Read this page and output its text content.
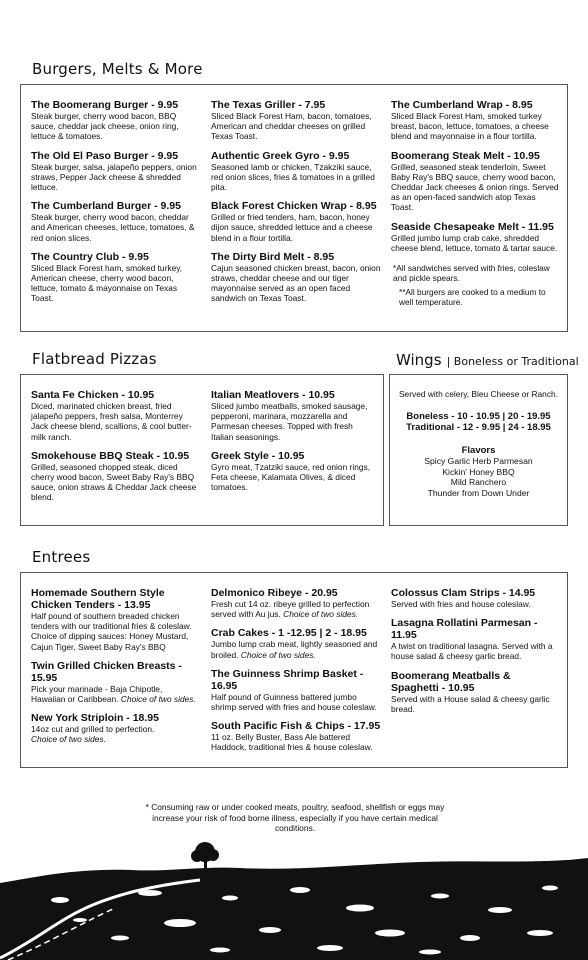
Burgers, Melts & More

The Boomerang Burger - 9.95

Steak burger, cherry wood bacon, BBQ sauce, cheddar jack cheese, onion ring, lettuce & tomatoes.

The Old El Paso Burger - 9.95

Steak burger, salsa, jalapeño peppers, onion straws, Pepper Jack cheese & shredded lettuce.

The Cumberland Burger - 9.95

Steak burger, cherry wood bacon, cheddar and American cheeses, lettuce, tomatoes, & red onion slices.

The Country Club - 9.95

Sliced Black Forest ham, smoked turkey, American cheese, cherry wood bacon, lettuce, tomato & mayonnaise on Texas Toast.

The Texas Griller - 7.95

Sliced Black Forest Ham, bacon, tomatoes, American and cheddar cheeses on grilled Texas Toast.

Authentic Greek Gyro - 9.95

Seasoned lamb or chicken, Tzakziki sauce, red onion slices, fries & tomatoes in a grilled pita.

Black Forest Chicken Wrap - 8.95

Grilled or fried tenders, ham, bacon, honey dijon sauce, shredded lettuce and a cheese blend in a flour tortilla.

The Dirty Bird Melt - 8.95

Cajun seasoned chicken breast, bacon, onion straws, cheddar cheese and our tiger mayonnaise served as an open faced sandwich on Texas Toast.

The Cumberland Wrap - 8.95

Sliced Black Forest Ham, smoked turkey breast, bacon, lettuce, tomatoes, a cheese blend and mayonnaise in a flour tortilla.

Boomerang Steak Melt - 10.95

Grilled, seasoned steak tenderloin, Sweet Baby Ray's BBQ sauce, cherry wood bacon, Cheddar Jack cheeses & onion rings. Served as an open-faced sandwich atop Texas Toast.

Seaside Chesapeake Melt - 11.95

Grilled jumbo lump crab cake, shredded cheese blend, lettuce, tomato & tartar sauce.

*All sandwiches served with fries, coleslaw and pickle spears.

**All burgers are cooked to a medium to well temperature.

Flatbread Pizzas

Santa Fe Chicken - 10.95

Diced, marinated chicken breast, fried jalapeño peppers, fresh salsa, Monterrey Jack cheese blend, scallions, & cool butter-milk ranch.

Smokehouse BBQ Steak - 10.95

Grilled, seasoned chopped steak, diced cherry wood bacon, Sweet Baby Ray's BBQ sauce, onion straws & Cheddar Jack cheese blend.

Italian Meatlovers - 10.95

Sliced jumbo meatballs, smoked sausage, pepperoni, marinara, mozzarella and Parmesan cheeses. Topped with fresh Italian seasonings.

Greek Style - 10.95

Gyro meat, Tzatziki sauce, red onion rings, Feta cheese, Kalamata Olives, & diced tomatoes.

Wings | Boneless or Traditional

Served with celery, Bleu Cheese or Ranch.

Boneless - 10 - 10.95 | 20 - 19.95

Traditional - 12 - 9.95 | 24 - 18.95

Flavors

Spicy Garlic Herb Parmesan

Kickin' Honey BBQ

Mild Ranchero

Thunder from Down Under

Entrees

Homemade Southern Style Chicken Tenders - 13.95

Half pound of southern breaded chicken tenders with our traditional fries & coleslaw. Choice of dipping sauces: Honey Mustard, Cajun Tiger, Sweet Baby Ray's BBQ

Twin Grilled Chicken Breasts - 15.95

Pick your marinade - Baja Chipotle, Hawaiian or Caribbean. Choice of two sides.

New York Striploin - 18.95

14oz cut and grilled to perfection.
Choice of two sides.

Delmonico Ribeye - 20.95

Fresh cut 14 oz. ribeye grilled to perfection served with Au jus. Choice of two sides.

Crab Cakes - 1 -12.95 | 2 - 18.95

Jumbo lump crab meat, lightly seasoned and broiled. Choice of two sides.

The Guinness Shrimp Basket - 16.95

Half pound of Guinness battered jumbo shrimp served with fries and house coleslaw.

South Pacific Fish & Chips - 17.95

11 oz. Belly Buster, Bass Ale battered Haddock, traditional fries & house coleslaw.

Colossus Clam Strips - 14.95

Served with fries and house coleslaw.

Lasagna Rollatini Parmesan - 11.95

A twist on traditional lasagna. Served with a house salad & cheesy garlic bread.

Boomerang Meatballs & Spaghetti - 10.95

Served with a House salad & cheesy garlic bread.

* Consuming raw or under cooked meats, poultry, seafood, shellfish or eggs may increase your risk of food borne illness, especially if you have certain medical conditions.
